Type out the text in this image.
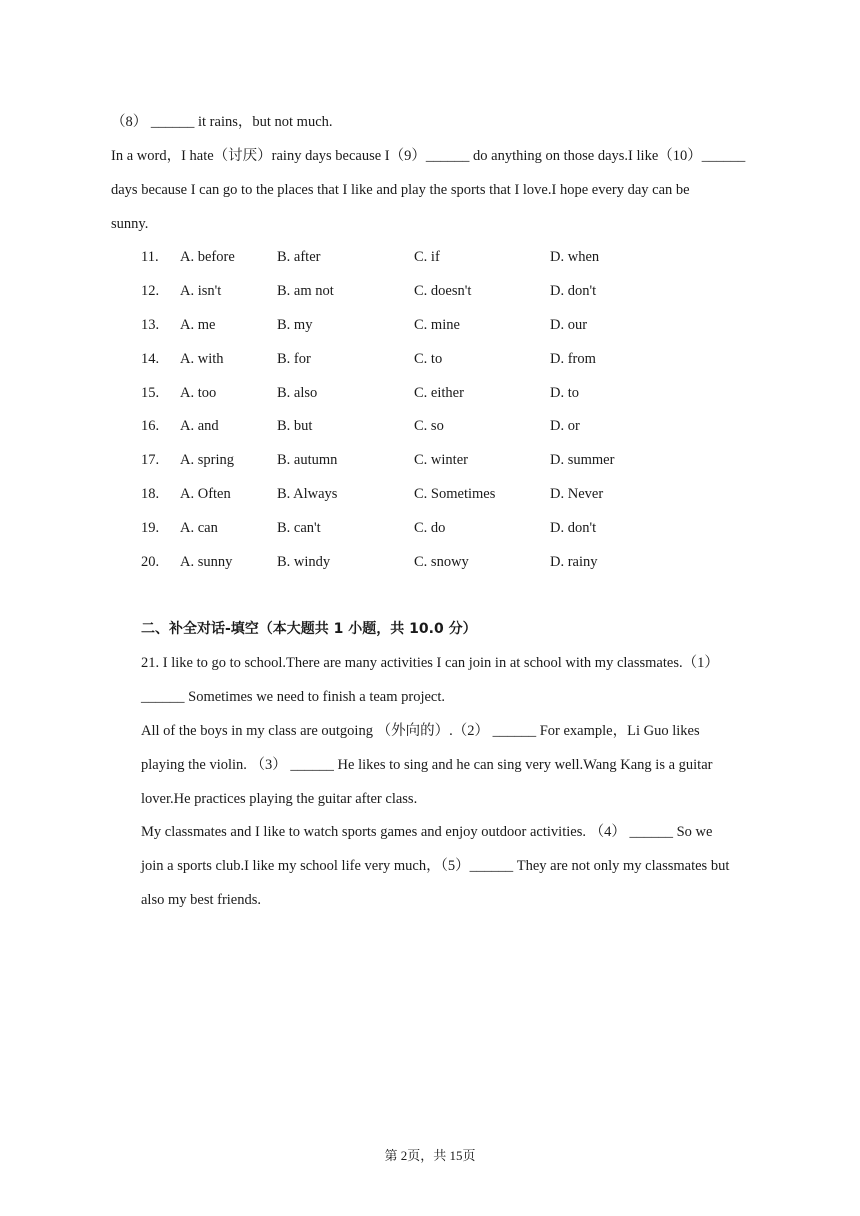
（8） ______ it rains，but not much.
In a word，I hate（讨厌）rainy days because I（9）______ do anything on those days.I like（10）______
days because I can go to the places that I like and play the sports that I love.I hope every day can be
sunny.
11. A. before	B. after	C. if	D. when
12. A. isn't	B. am not	C. doesn't	D. don't
13. A. me	B. my	C. mine	D. our
14. A. with	B. for	C. to	D. from
15. A. too	B. also	C. either	D. to
16. A. and	B. but	C. so	D. or
17. A. spring	B. autumn	C. winter	D. summer
18. A. Often	B. Always	C. Sometimes	D. Never
19. A. can	B. can't	C. do	D. don't
20. A. sunny	B. windy	C. snowy	D. rainy
二、补全对话-填空（本大题共 1 小题，共 10.0 分）
21. I like to go to school.There are many activities I can join in at school with my classmates.（1）
______ Sometimes we need to finish a team project.
All of the boys in my class are outgoing （外向的）.（2） ______ For example，Li Guo likes
playing the violin. （3） ______ He likes to sing and he can sing very well.Wang Kang is a guitar
lover.He practices playing the guitar after class.
My classmates and I like to watch sports games and enjoy outdoor activities. （4） ______ So we
join a sports club.I like my school life very much，（5）______ They are not only my classmates but
also my best friends.
第 2页，共 15页
